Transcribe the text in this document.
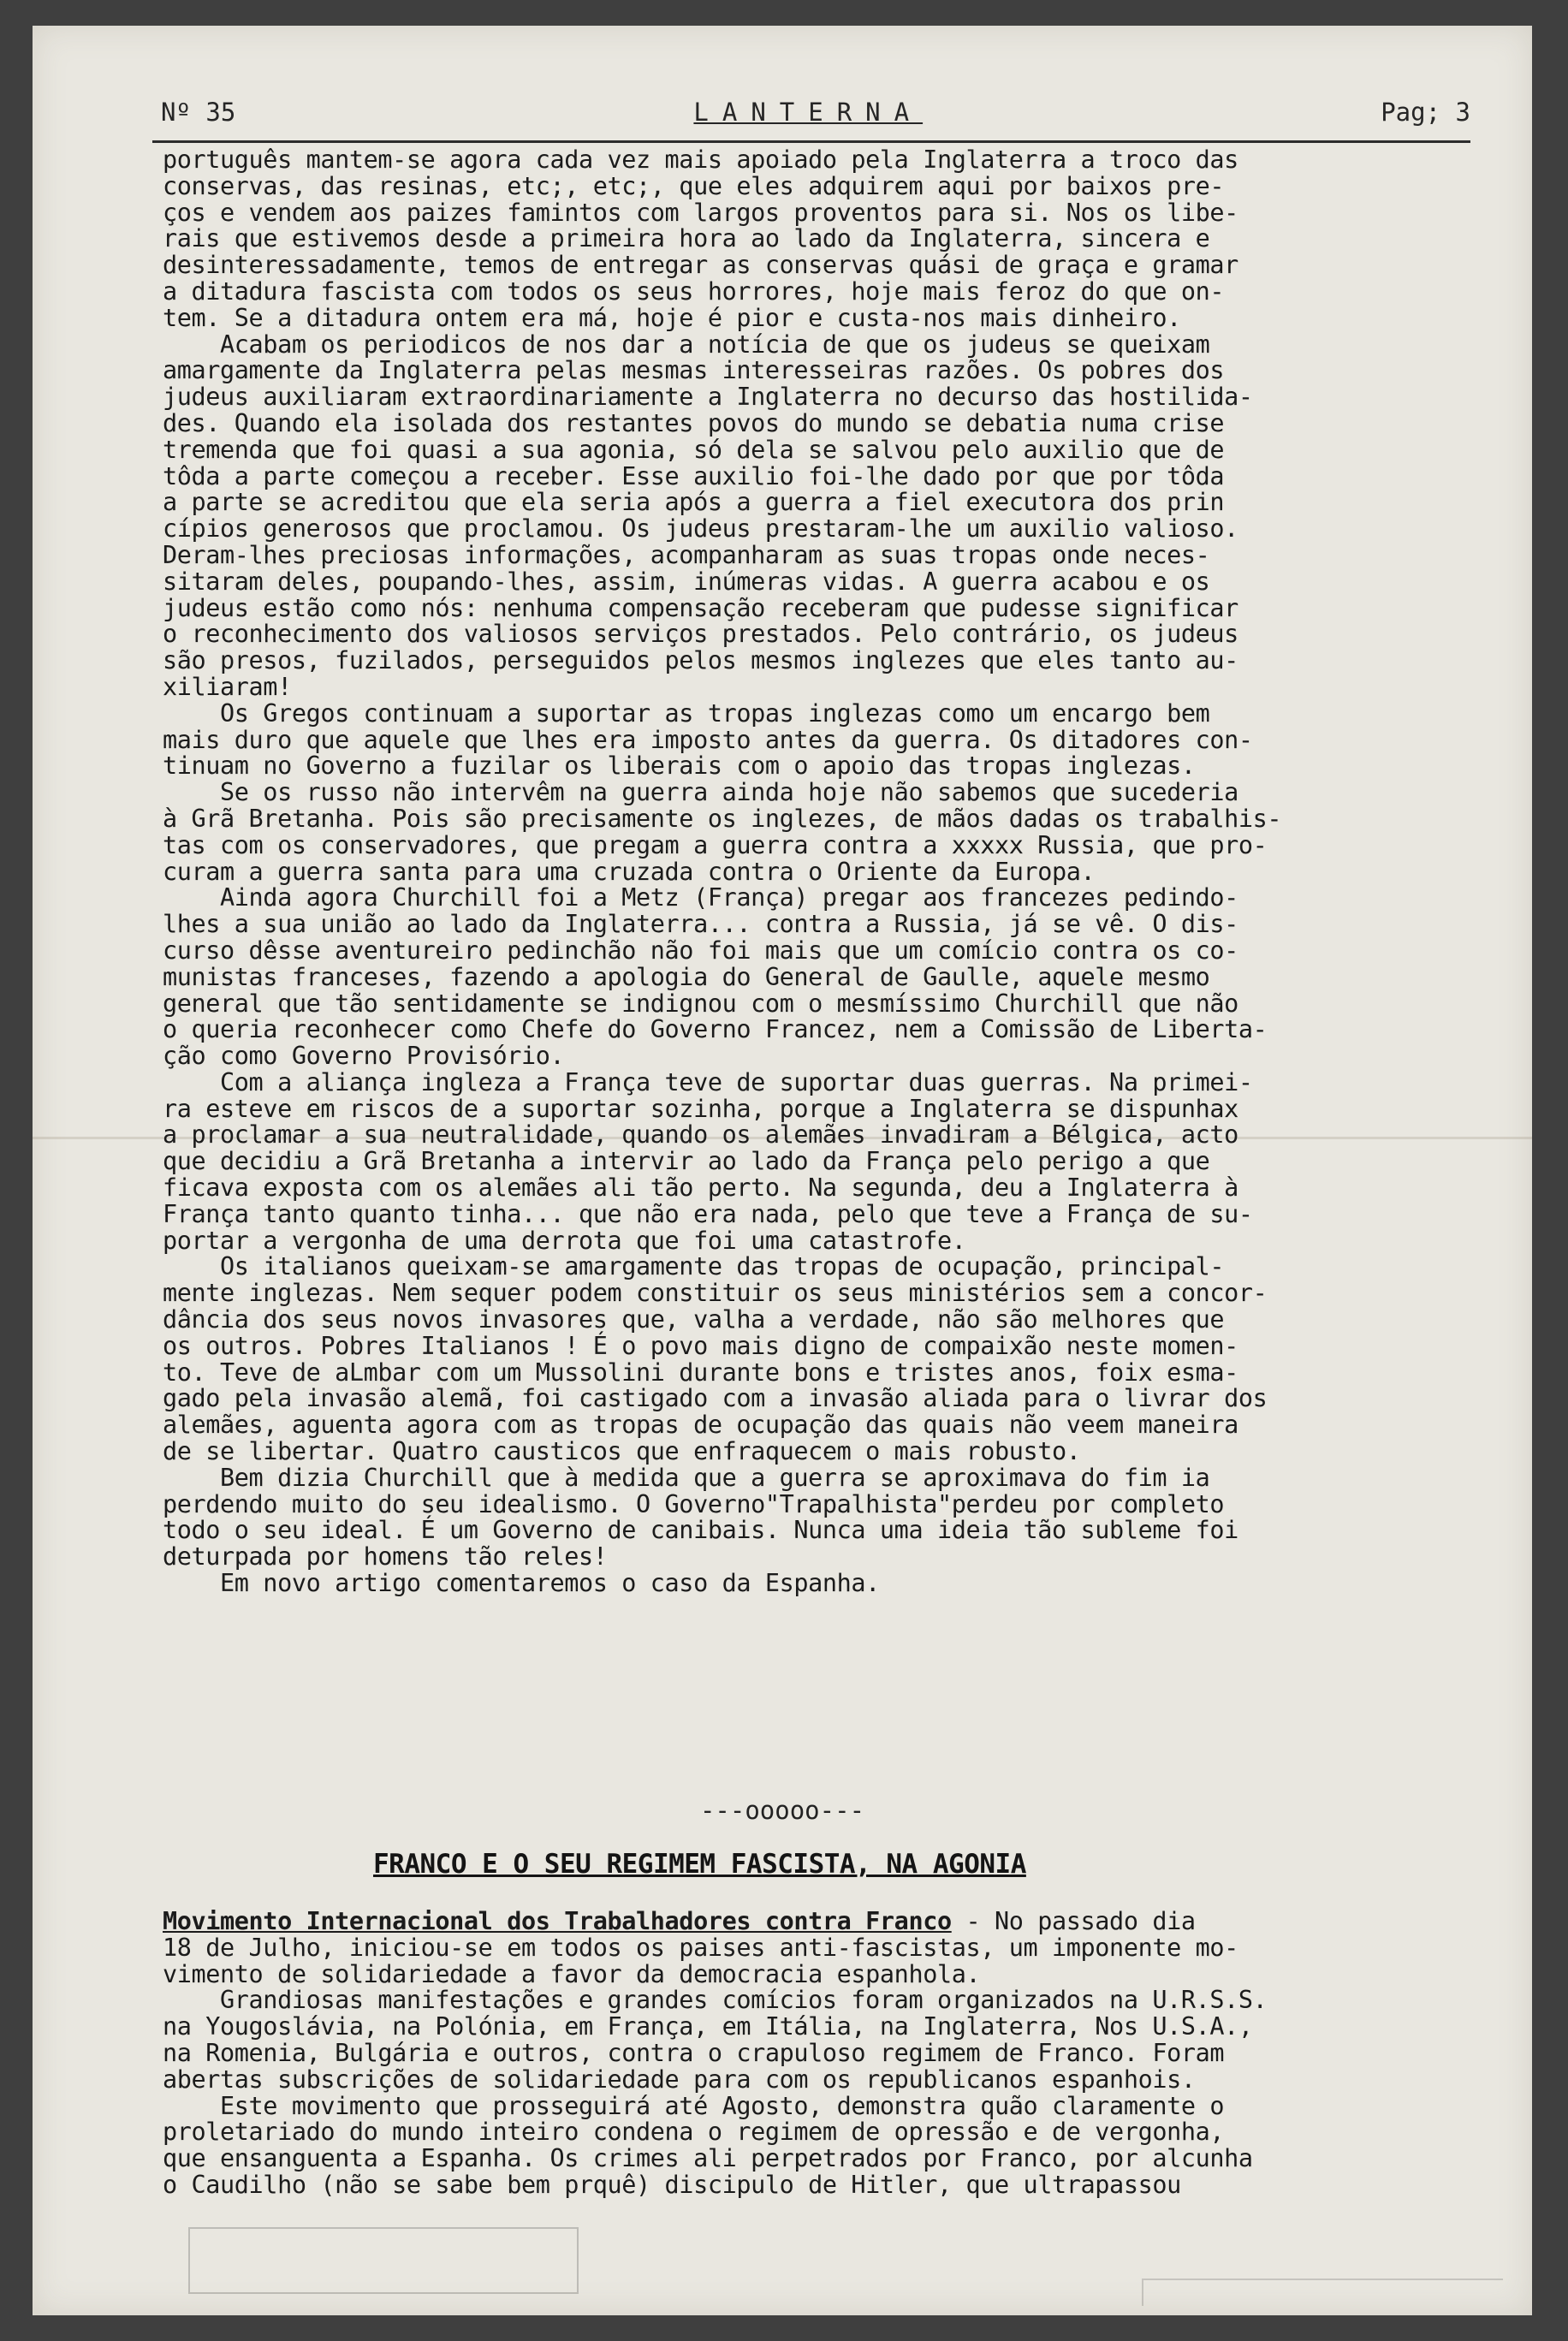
Nº 35	LANTERNA	Pag; 3
português mantem-se agora cada vez mais apoiado pela Inglaterra a troco das
conservas, das resinas, etc;, etc;, que eles adquirem aqui por baixos pre-
ços e vendem aos paizes famintos com largos proventos para si. Nos os libe-
rais que estivemos desde a primeira hora ao lado da Inglaterra, sincera e
desinteressadamente, temos de entregar as conservas quási de graça e gramar
a ditadura fascista com todos os seus horrores, hoje mais feroz do que on-
tem. Se a ditadura ontem era má, hoje é pior e custa-nos mais dinheiro.
Acabam os periodicos de nos dar a notícia de que os judeus se queixam
amargamente da Inglaterra pelas mesmas interesseiras razões. Os pobres dos
judeus auxiliaram extraordinariamente a Inglaterra no decurso das hostilida-
des. Quando ela isolada dos restantes povos do mundo se debatia numa crise
tremenda que foi quasi a sua agonia, só dela se salvou pelo auxilio que de
tôda a parte começou a receber. Esse auxilio foi-lhe dado por que por tôda
a parte se acreditou que ela seria após a guerra a fiel executora dos prin
cípios generosos que proclamou. Os judeus prestaram-lhe um auxilio valioso.
Deram-lhes preciosas informações, acompanharam as suas tropas onde neces-
sitaram deles, poupando-lhes, assim, inúmeras vidas. A guerra acabou e os
judeus estão como nós: nenhuma compensação receberam que pudesse significar
o reconhecimento dos valiosos serviços prestados. Pelo contrário, os judeus
são presos, fuzilados, perseguidos pelos mesmos inglezes que eles tanto au-
xiliaram!
Os Gregos continuam a suportar as tropas inglezas como um encargo bem
mais duro que aquele que lhes era imposto antes da guerra. Os ditadores con-
tinuam no Governo a fuzilar os liberais com o apoio das tropas inglezas.
Se os russo não intervêm na guerra ainda hoje não sabemos que sucederia
à Grã Bretanha. Pois são precisamente os inglezes, de mãos dadas os trabalhis-
tas com os conservadores, que pregam a guerra contra a xxxxx Russia, que pro-
curam a guerra santa para uma cruzada contra o Oriente da Europa.
Ainda agora Churchill foi a Metz (França) pregar aos francezes pedindo-
lhes a sua união ao lado da Inglaterra... contra a Russia, já se vê. O dis-
curso dêsse aventureiro pedinchão não foi mais que um comício contra os co-
munistas franceses, fazendo a apologia do General de Gaulle, aquele mesmo
general que tão sentidamente se indignou com o mesmíssimo Churchill que não
o queria reconhecer como Chefe do Governo Francez, nem a Comissão de Liberta-
ção como Governo Provisório.
Com a aliança ingleza a França teve de suportar duas guerras. Na primei-
ra esteve em riscos de a suportar sozinha, porque a Inglaterra se dispunhax
a proclamar a sua neutralidade, quando os alemães invadiram a Bélgica, acto
que decidiu a Grã Bretanha a intervir ao lado da França pelo perigo a que
ficava exposta com os alemães ali tão perto. Na segunda, deu a Inglaterra à
França tanto quanto tinha... que não era nada, pelo que teve a França de su-
portar a vergonha de uma derrota que foi uma catastrofe.
Os italianos queixam-se amargamente das tropas de ocupação, principal-
mente inglezas. Nem sequer podem constituir os seus ministérios sem a concor-
dância dos seus novos invasores que, valha a verdade, não são melhores que
os outros. Pobres Italianos ! É o povo mais digno de compaixão neste momen-
to. Teve de aLmbar com um Mussolini durante bons e tristes anos, foix esma-
gado pela invasão alemã, foi castigado com a invasão aliada para o livrar dos
alemães, aguenta agora com as tropas de ocupação das quais não veem maneira
de se libertar. Quatro causticos que enfraquecem o mais robusto.
Bem dizia Churchill que à medida que a guerra se aproximava do fim ia
perdendo muito do seu idealismo. O Governo"Trapalhista"perdeu por completo
todo o seu ideal. É um Governo de canibais. Nunca uma ideia tão subleme foi
deturpada por homens tão reles!
Em novo artigo comentaremos o caso da Espanha.
---ooooo---
FRANCO E O SEU REGIMEM FASCISTA, NA AGONIA
Movimento Internacional dos Trabalhadores contra Franco - No passado dia
18 de Julho, iniciou-se em todos os paises anti-fascistas, um imponente mo-
vimento de solidariedade a favor da democracia espanhola.
Grandiosas manifestações e grandes comícios foram organizados na U.R.S.S.
na Yougoslávia, na Polónia, em França, em Itália, na Inglaterra, Nos U.S.A.,
na Romenia, Bulgária e outros, contra o crapuloso regimem de Franco. Foram
abertas subscrições de solidariedade para com os republicanos espanhois.
Este movimento que prosseguirá até Agosto, demonstra quão claramente o
proletariado do mundo inteiro condena o regimem de opressão e de vergonha,
que ensanguenta a Espanha. Os crimes ali perpetrados por Franco, por alcunha
o Caudilho (não se sabe bem prquê) discipulo de Hitler, que ultrapassou
